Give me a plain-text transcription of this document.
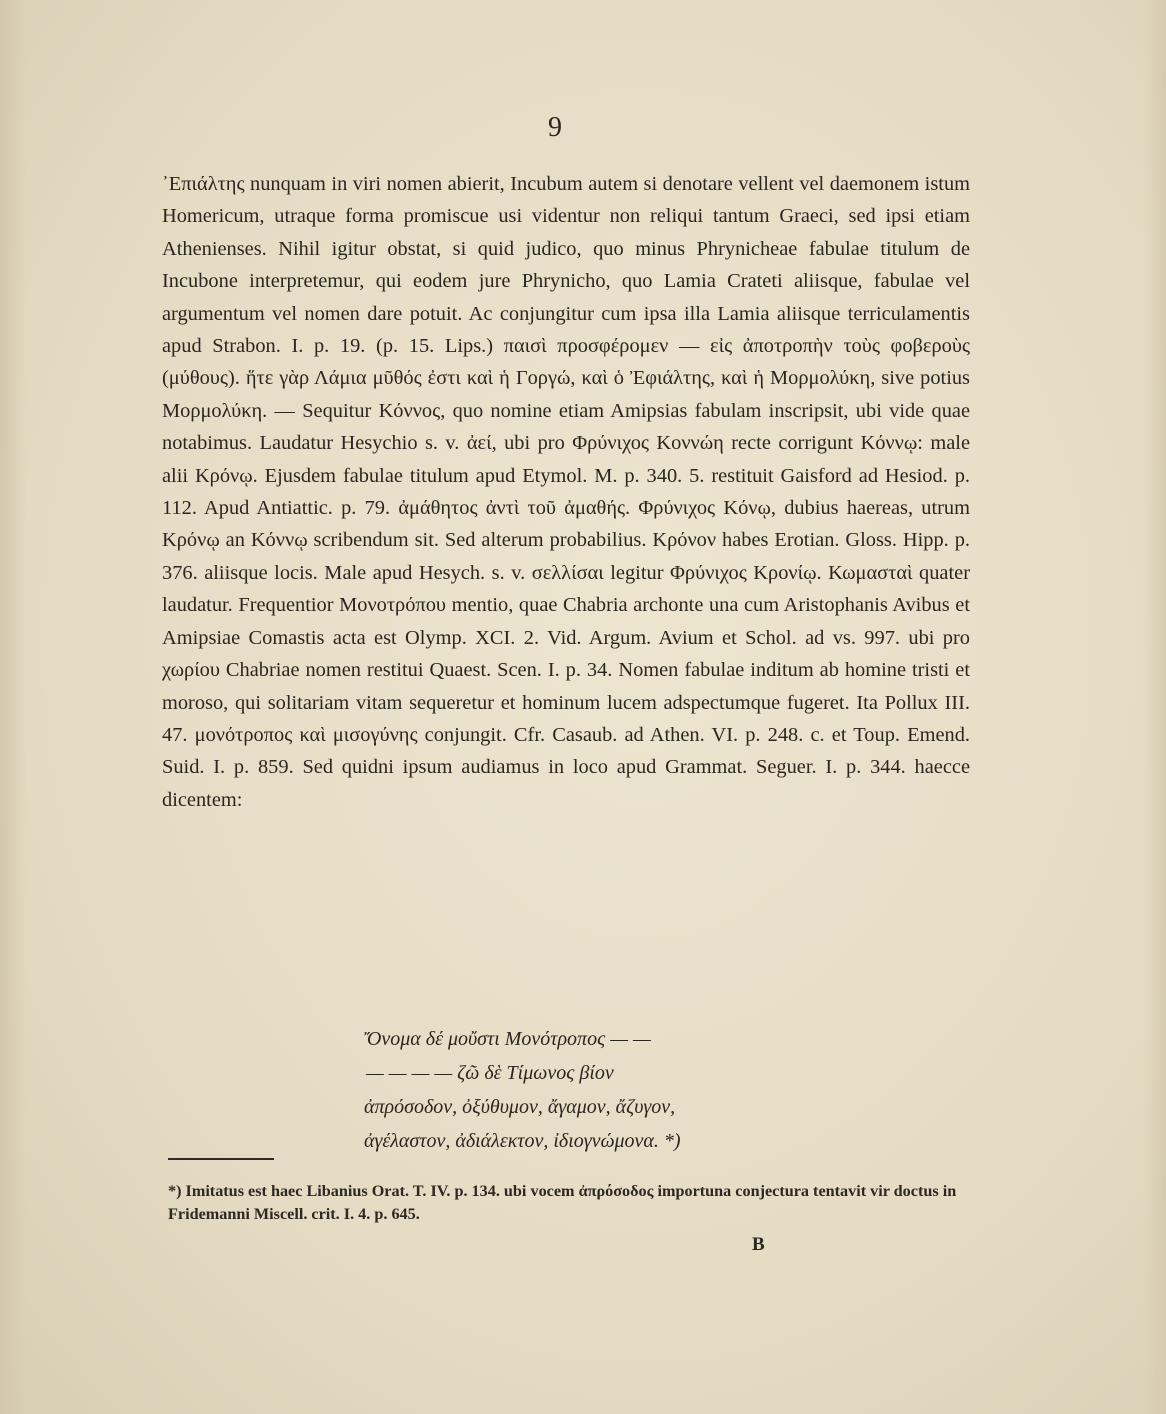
9

᾿Επιάλτης nunquam in viri nomen abierit, Incubum autem si denotare vellent vel daemonem istum Homericum, utraque forma promiscue usi videntur non reliqui tantum Graeci, sed ipsi etiam Athenienses. Nihil igitur obstat, si quid judico, quo minus Phrynicheae fabulae titulum de Incubone interpretemur, qui eodem jure Phrynicho, quo Lamia Crateti aliisque, fabulae vel argumentum vel nomen dare potuit. Ac conjungitur cum ipsa illa Lamia aliisque terriculamentis apud Strabon. I. p. 19. (p. 15. Lips.) παισὶ προσφέρομεν — εἰς ἀποτροπὴν τοὺς φοβεροὺς (μύθους). ἥτε γὰρ Λάμια μῦθός ἐστι καὶ ἡ Γοργώ, καὶ ὁ Ἐφιάλτης, καὶ ἡ Μορμολύκη, sive potius Μορμολύκη. — Sequitur Κόννος, quo nomine etiam Amipsias fabulam inscripsit, ubi vide quae notabimus. Laudatur Hesychio s. v. ἀεί, ubi pro Φρύνιχος Κοννώη recte corrigunt Κόννῳ: male alii Κρόνῳ. Ejusdem fabulae titulum apud Etymol. M. p. 340. 5. restituit Gaisford ad Hesiod. p. 112. Apud Antiattic. p. 79. ἀμάθητος ἀντὶ τοῦ ἀμαθής. Φρύνιχος Κόνῳ, dubius haereas, utrum Κρόνῳ an Κόννῳ scribendum sit. Sed alterum probabilius. Κρόνον habes Erotian. Gloss. Hipp. p. 376. aliisque locis. Male apud Hesych. s. v. σελλίσαι legitur Φρύνιχος Κρονίῳ. Κωμασταὶ quater laudatur. Frequentior Μονοτρόπου mentio, quae Chabria archonte una cum Aristophanis Avibus et Amipsiae Comastis acta est Olymp. XCI. 2. Vid. Argum. Avium et Schol. ad vs. 997. ubi pro χωρίου Chabriae nomen restitui Quaest. Scen. I. p. 34. Nomen fabulae inditum ab homine tristi et moroso, qui solitariam vitam sequeretur et hominum lucem adspectumque fugeret. Ita Pollux III. 47. μονότροπος καὶ μισογύνης conjungit. Cfr. Casaub. ad Athen. VI. p. 248. c. et Toup. Emend. Suid. I. p. 859. Sed quidni ipsum audiamus in loco apud Grammat. Seguer. I. p. 344. haecce dicentem:

Ὄνομα δέ μοὔστι Μονότροπος — —
— — — — ζῶ δὲ Τίμωνος βίον
ἀπρόσοδον, ὀξύθυμον, ἄγαμον, ἄζυγον,
ἀγέλαστον, ἀδιάλεκτον, ἰδιογνώμονα. *)

*) Imitatus est haec Libanius Orat. T. IV. p. 134. ubi vocem ἀπρόσοδος importuna conjectura tentavit vir doctus in Fridemanni Miscell. crit. I. 4. p. 645.

B
